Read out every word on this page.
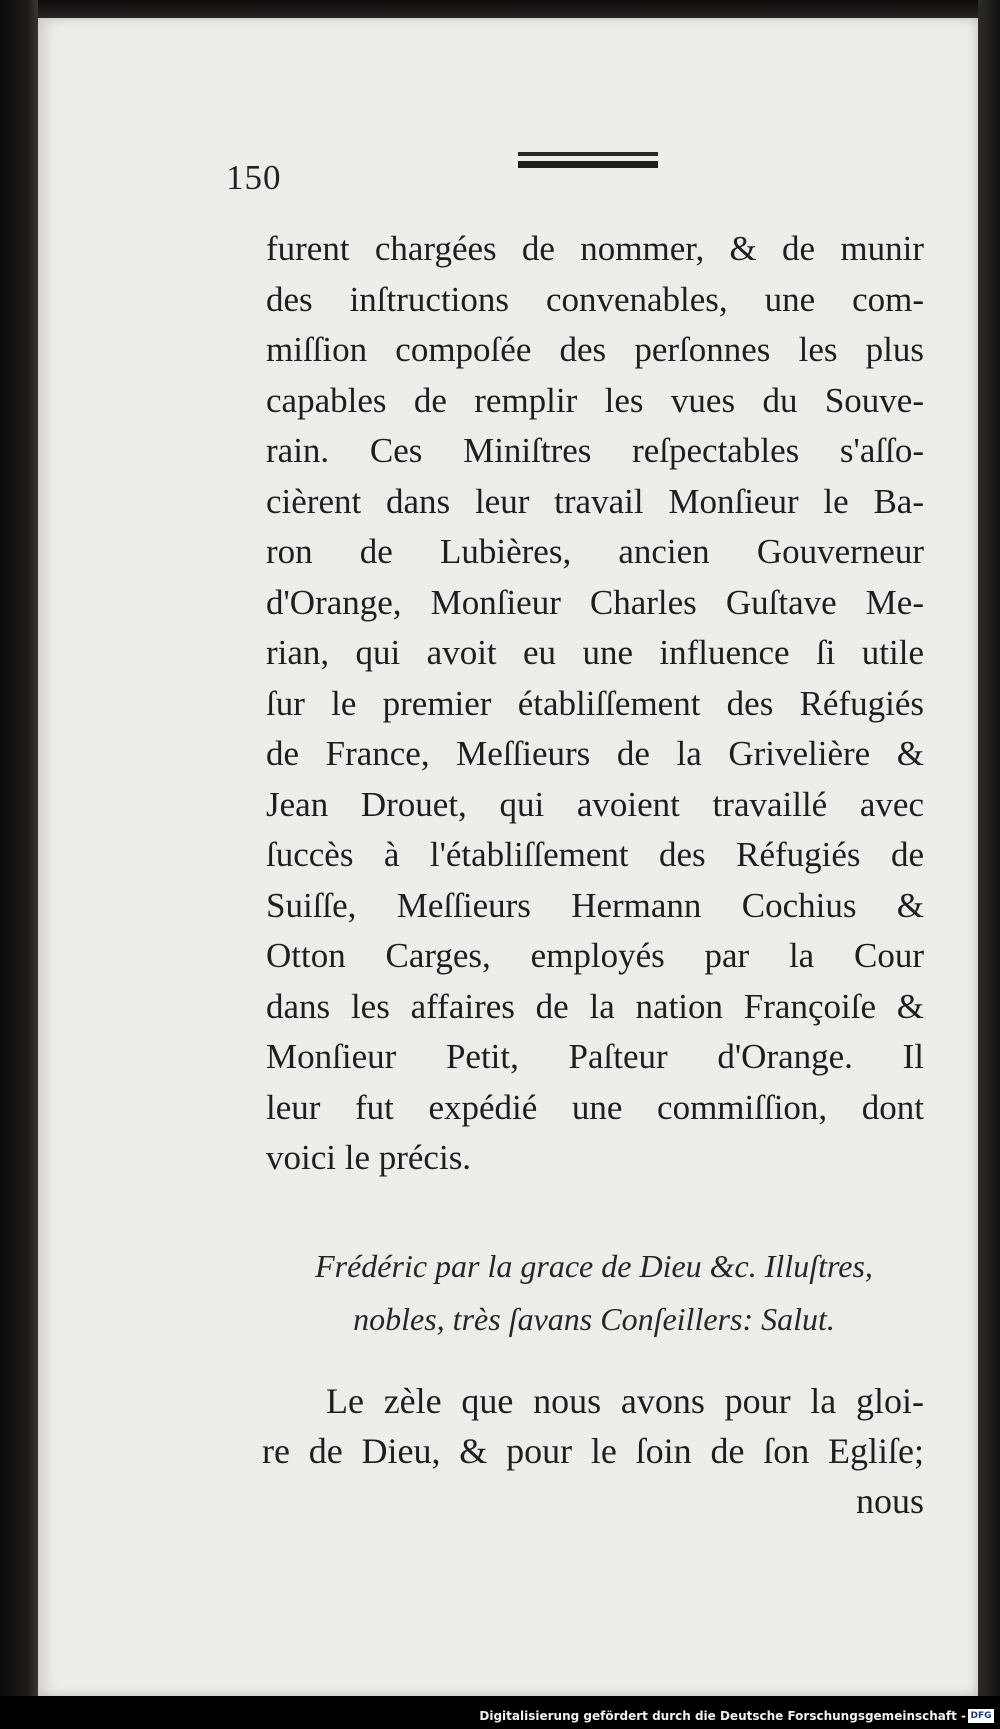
150
furent chargées de nommer, & de munir
des inſtructions convenables, une com-
miſſion compoſée des perſonnes les plus
capables de remplir les vues du Souve-
rain. Ces Miniſtres reſpectables s'aſſo-
cièrent dans leur travail Monſieur le Ba-
ron de Lubières, ancien Gouverneur
d'Orange, Monſieur Charles Guſtave Me-
rian, qui avoit eu une influence ſi utile
ſur le premier établiſſement des Réfugiés
de France, Meſſieurs de la Grivelière &
Jean Drouet, qui avoient travaillé avec
ſuccès à l'établiſſement des Réfugiés de
Suiſſe, Meſſieurs Hermann Cochius &
Otton Carges, employés par la Cour
dans les affaires de la nation Françoiſe &
Monſieur Petit, Paſteur d'Orange. Il
leur fut expédié une commiſſion, dont
voici le précis.
Frédéric par la grace de Dieu &c. Illuſtres,
nobles, très ſavans Conſeillers: Salut.
Le zèle que nous avons pour la gloi-
re de Dieu, & pour le ſoin de ſon Egliſe;
nous
Digitalisierung gefördert durch die Deutsche Forschungsgemeinschaft - DFG
